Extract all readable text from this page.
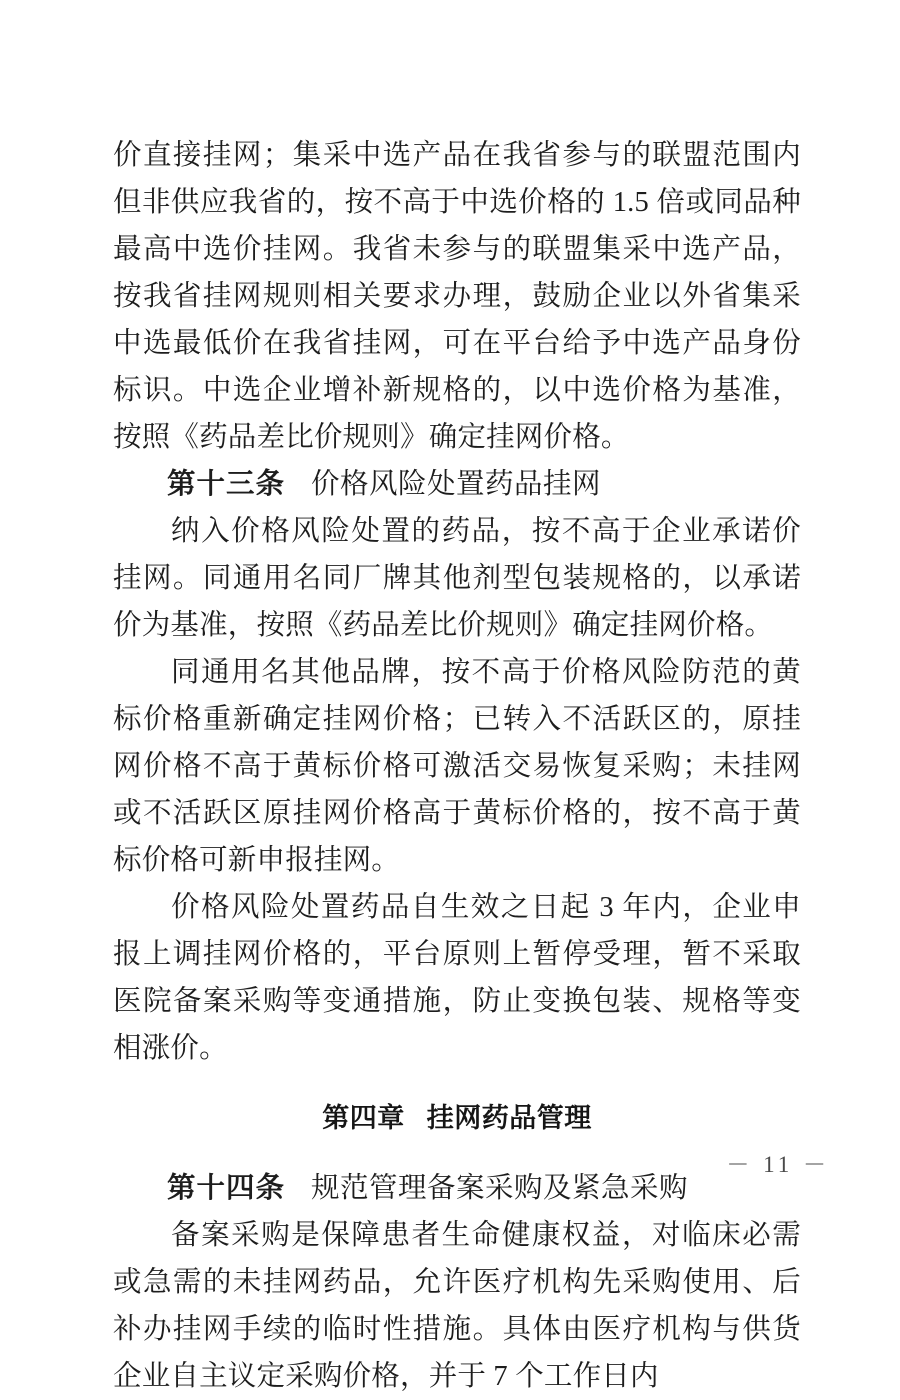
价直接挂网；集采中选产品在我省参与的联盟范围内但非供应我省的，按不高于中选价格的 1.5 倍或同品种最高中选价挂网。我省未参与的联盟集采中选产品，按我省挂网规则相关要求办理，鼓励企业以外省集采中选最低价在我省挂网，可在平台给予中选产品身份标识。中选企业增补新规格的，以中选价格为基准，按照《药品差比价规则》确定挂网价格。

第十三条 价格风险处置药品挂网

纳入价格风险处置的药品，按不高于企业承诺价挂网。同通用名同厂牌其他剂型包装规格的，以承诺价为基准，按照《药品差比价规则》确定挂网价格。

同通用名其他品牌，按不高于价格风险防范的黄标价格重新确定挂网价格；已转入不活跃区的，原挂网价格不高于黄标价格可激活交易恢复采购；未挂网或不活跃区原挂网价格高于黄标价格的，按不高于黄标价格可新申报挂网。

价格风险处置药品自生效之日起 3 年内，企业申报上调挂网价格的，平台原则上暂停受理，暂不采取医院备案采购等变通措施，防止变换包装、规格等变相涨价。

第四章 挂网药品管理

第十四条 规范管理备案采购及紧急采购

备案采购是保障患者生命健康权益，对临床必需或急需的未挂网药品，允许医疗机构先采购使用、后补办挂网手续的临时性措施。具体由医疗机构与供货企业自主议定采购价格，并于 7 个工作日内

－ 11 －
